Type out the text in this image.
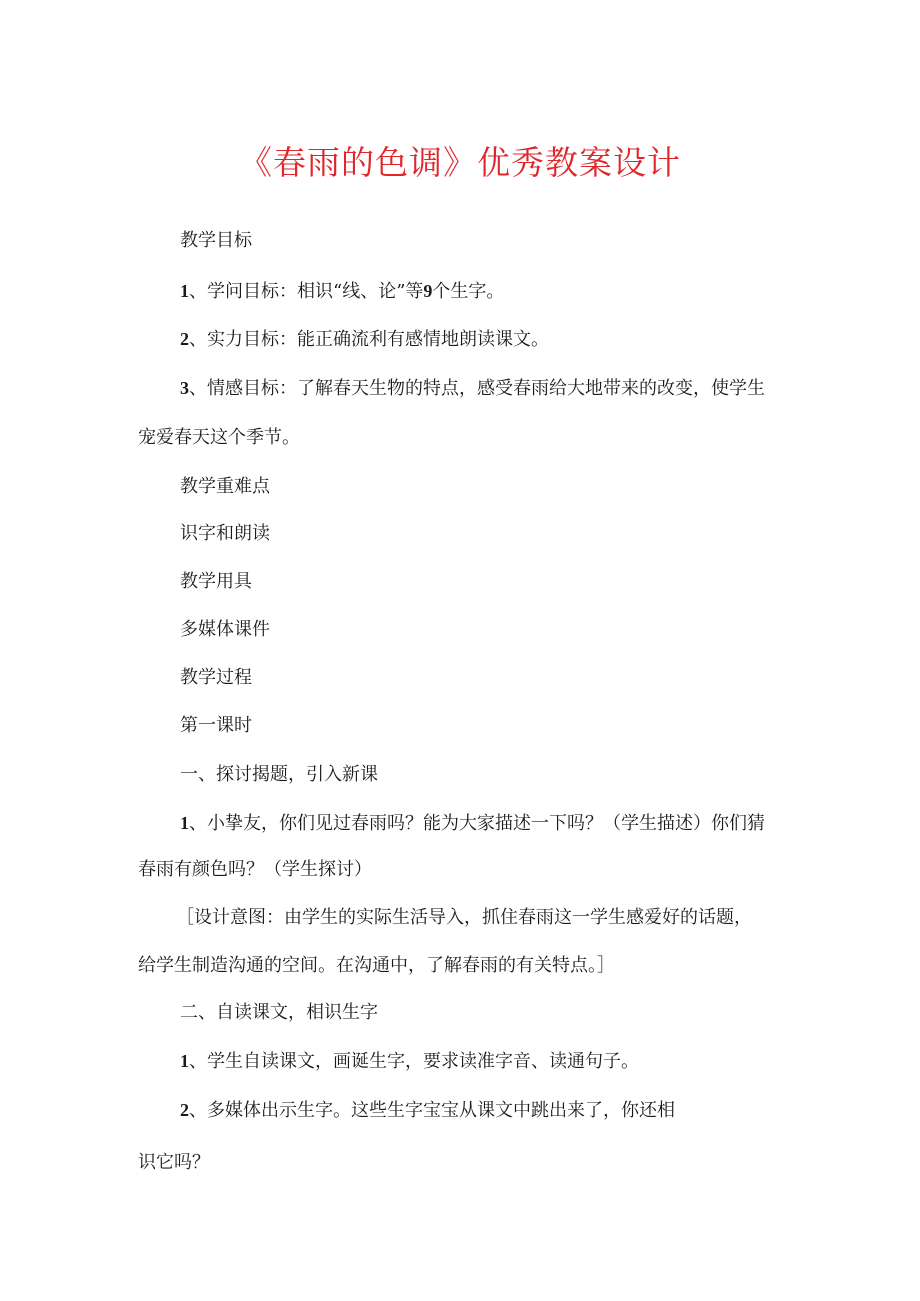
《春雨的色调》优秀教案设计

教学目标

1、学问目标：相识“线、论”等9个生字。

2、实力目标：能正确流利有感情地朗读课文。

3、情感目标：了解春天生物的特点，感受春雨给大地带来的改变，使学生

宠爱春天这个季节。

教学重难点

识字和朗读

教学用具

多媒体课件

教学过程

第一课时

一、探讨揭题，引入新课

1、小挚友，你们见过春雨吗？能为大家描述一下吗？（学生描述）你们猜

春雨有颜色吗？（学生探讨）

［设计意图：由学生的实际生活导入，抓住春雨这一学生感爱好的话题，

给学生制造沟通的空间。在沟通中，了解春雨的有关特点。］

二、自读课文，相识生字

1、学生自读课文，画诞生字，要求读准字音、读通句子。

2、多媒体出示生字。这些生字宝宝从课文中跳出来了，你还相

识它吗？
